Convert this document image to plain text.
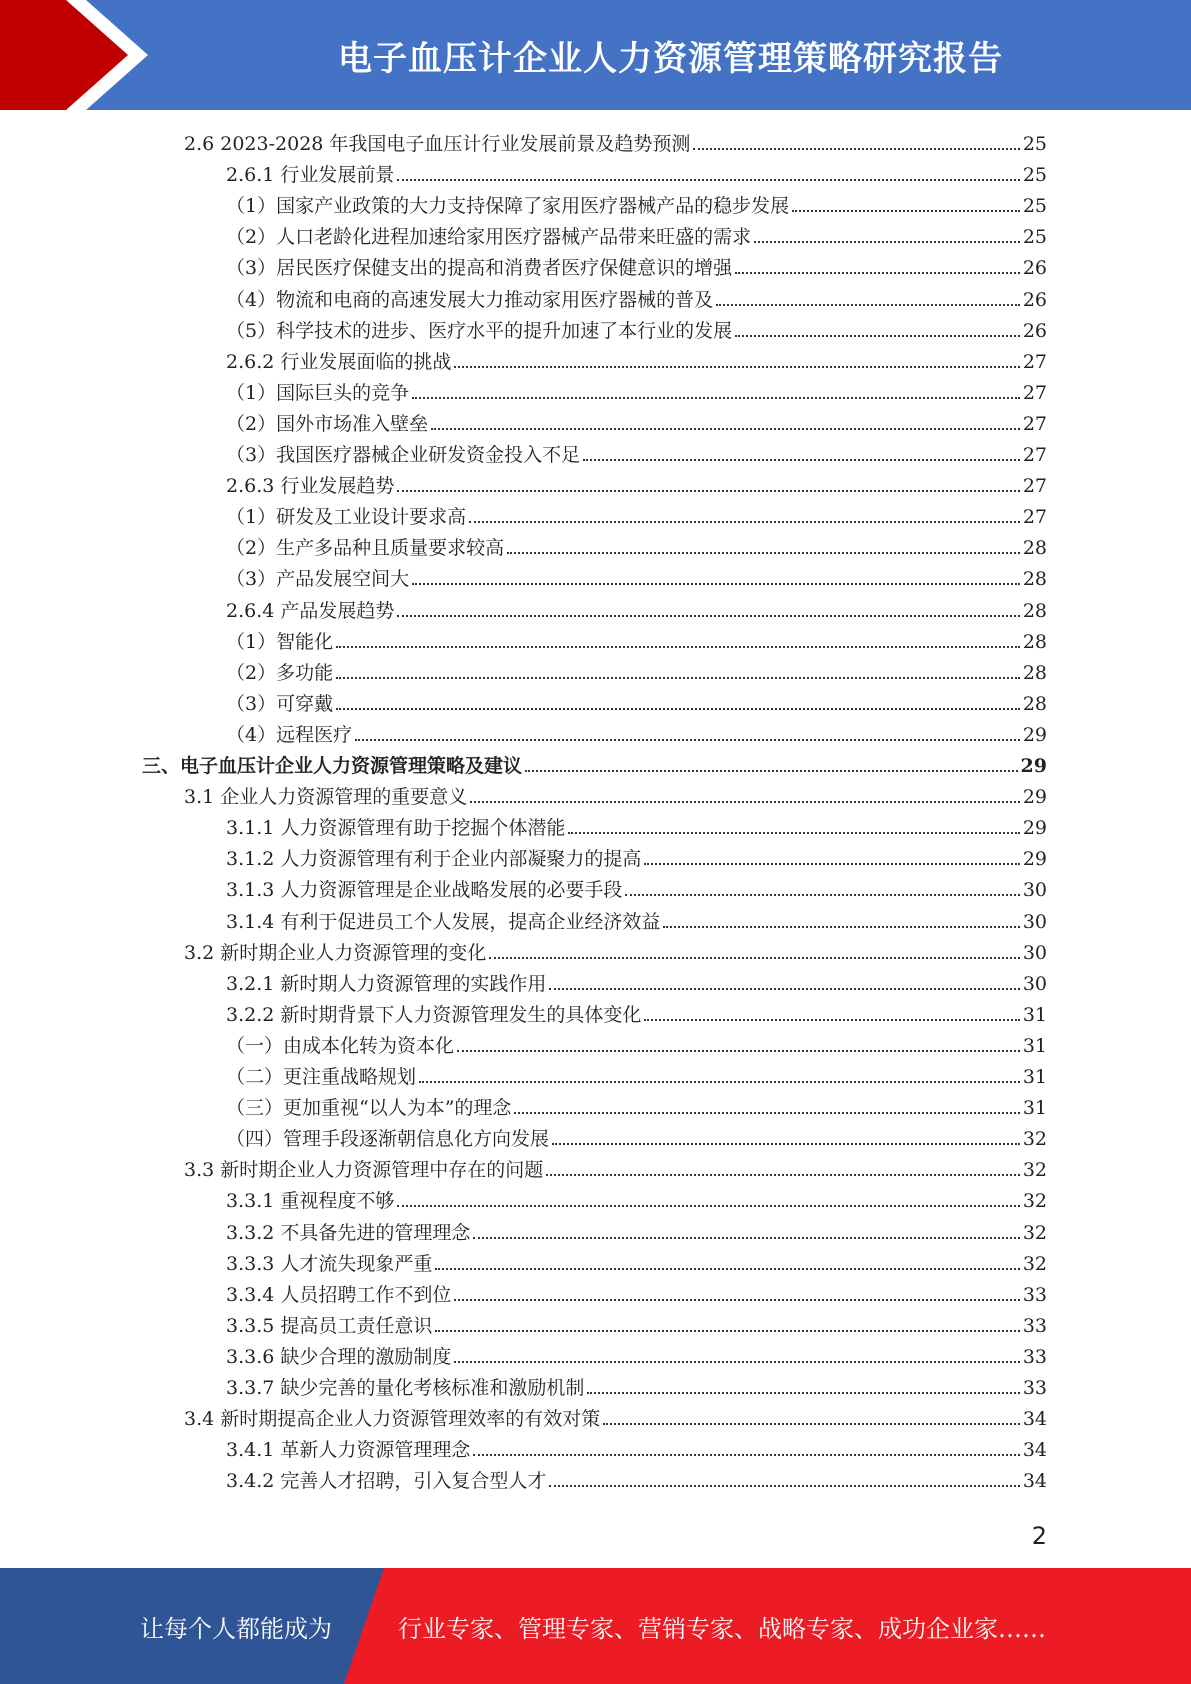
电子血压计企业人力资源管理策略研究报告
2.6 2023-2028 年我国电子血压计行业发展前景及趋势预测	25
2.6.1 行业发展前景	25
（1）国家产业政策的大力支持保障了家用医疗器械产品的稳步发展	25
（2）人口老龄化进程加速给家用医疗器械产品带来旺盛的需求	25
（3）居民医疗保健支出的提高和消费者医疗保健意识的增强	26
（4）物流和电商的高速发展大力推动家用医疗器械的普及	26
（5）科学技术的进步、医疗水平的提升加速了本行业的发展	26
2.6.2 行业发展面临的挑战	27
（1）国际巨头的竞争	27
（2）国外市场准入壁垒	27
（3）我国医疗器械企业研发资金投入不足	27
2.6.3 行业发展趋势	27
（1）研发及工业设计要求高	27
（2）生产多品种且质量要求较高	28
（3）产品发展空间大	28
2.6.4 产品发展趋势	28
（1）智能化	28
（2）多功能	28
（3）可穿戴	28
（4）远程医疗	29
三、电子血压计企业人力资源管理策略及建议	29
3.1 企业人力资源管理的重要意义	29
3.1.1 人力资源管理有助于挖掘个体潜能	29
3.1.2 人力资源管理有利于企业内部凝聚力的提高	29
3.1.3 人力资源管理是企业战略发展的必要手段	30
3.1.4 有利于促进员工个人发展，提高企业经济效益	30
3.2 新时期企业人力资源管理的变化	30
3.2.1 新时期人力资源管理的实践作用	30
3.2.2 新时期背景下人力资源管理发生的具体变化	31
（一）由成本化转为资本化	31
（二）更注重战略规划	31
（三）更加重视“以人为本”的理念	31
（四）管理手段逐渐朝信息化方向发展	32
3.3 新时期企业人力资源管理中存在的问题	32
3.3.1 重视程度不够	32
3.3.2 不具备先进的管理理念	32
3.3.3 人才流失现象严重	32
3.3.4 人员招聘工作不到位	33
3.3.5 提高员工责任意识	33
3.3.6 缺少合理的激励制度	33
3.3.7 缺少完善的量化考核标准和激励机制	33
3.4 新时期提高企业人力资源管理效率的有效对策	34
3.4.1 革新人力资源管理理念	34
3.4.2 完善人才招聘，引入复合型人才	34
2
让每个人都能成为	行业专家、管理专家、营销专家、战略专家、成功企业家……
